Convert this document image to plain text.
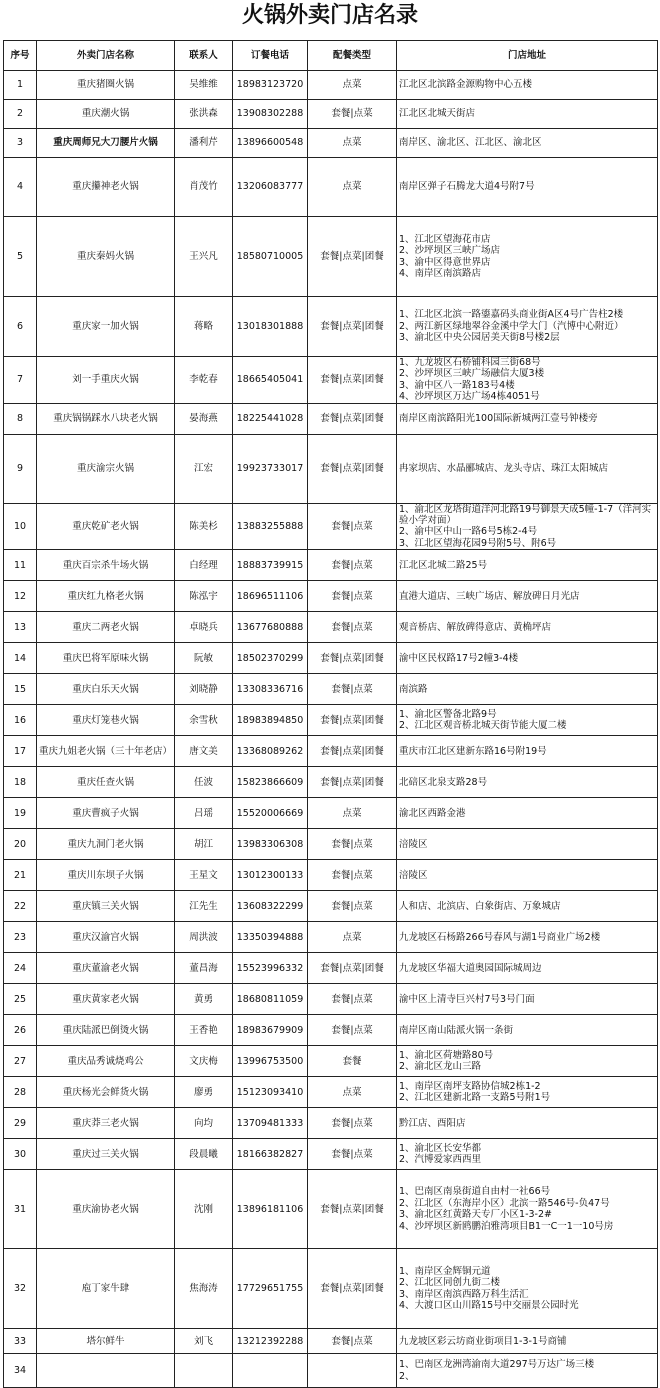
火锅外卖门店名录
序号	外卖门店名称	联系人	订餐电话	配餐类型	门店地址
1	重庆猪圈火锅	吴维维	18983123720	点菜	江北区北滨路金源购物中心五楼

2	重庆潮火锅	张洪森	13908302288	套餐|点菜	江北区北城天街店

3	重庆周师兄大刀腰片火锅	潘利芹	13896600548	点菜	南岸区、渝北区、江北区、渝北区

4	重庆攥神老火锅	肖茂竹	13206083777	点菜	南岸区弹子石腾龙大道4号附7号

5	重庆秦妈火锅	王兴凡	18580710005	套餐|点菜|团餐	1、江北区望海花市店
2、沙坪坝区三峡广场店
3、渝中区得意世界店
4、南岸区南滨路店

6	重庆家一加火锅	蒋略	13018301888	套餐|点菜|团餐	1、江北区北滨一路鎏嘉码头商业街A区4号广告柱2楼
2、两江新区绿地翠谷金溪中学大门（汽博中心附近）
3、渝北区中央公园居美天街8号楼2层

7	刘一手重庆火锅	李乾春	18665405041	套餐|点菜|团餐	1、九龙坡区石桥铺科园三街68号
2、沙坪坝区三峡广场融信大厦3楼
3、渝中区八一路183号4楼
4、沙坪坝区万达广场4栋4051号

8	重庆锅锅踩水八块老火锅	晏海燕	18225441028	套餐|点菜|团餐	南岸区南滨路阳光100国际新城两江壹号钟楼旁

9	重庆渝宗火锅	江宏	19923733017	套餐|点菜|团餐	冉家坝店、水晶郦城店、龙头寺店、珠江太阳城店

10	重庆乾矿老火锅	陈美杉	13883255888	套餐|点菜	1、渝北区龙塔街道洋河北路19号御景天成5幢-1-7（洋河实验小学对面）
2、渝中区中山一路6号5栋2-4号
3、江北区望海花园9号附5号、附6号

11	重庆百宗杀牛场火锅	白经理	18883739915	套餐|点菜	江北区北城二路25号

12	重庆红九格老火锅	陈泓宇	18696511106	套餐|点菜	直港大道店、三峡广场店、解放碑日月光店

13	重庆二两老火锅	卓晓兵	13677680888	套餐|点菜	观音桥店、解放碑得意店、黄桷坪店

14	重庆巴将军原味火锅	阮敏	18502370299	套餐|点菜|团餐	渝中区民权路17号2幢3-4楼

15	重庆白乐天火锅	刘晓静	13308336716	套餐|点菜	南滨路

16	重庆灯笼巷火锅	余雪秋	18983894850	套餐|点菜|团餐	1、渝北区警备北路9号
2、江北区观音桥北城天街节能大厦二楼

17	重庆九姐老火锅（三十年老店）	唐文美	13368089262	套餐|点菜|团餐	重庆市江北区建新东路16号附19号

18	重庆任查火锅	任波	15823866609	套餐|点菜|团餐	北碚区北泉支路28号

19	重庆曹疯子火锅	吕瑶	15520006669	点菜	渝北区西路金港

20	重庆九洞门老火锅	胡江	13983306308	套餐|点菜	涪陵区

21	重庆川东坝子火锅	王星文	13012300133	套餐|点菜	涪陵区

22	重庆镇三关火锅	江先生	13608322299	套餐|点菜	人和店、北滨店、白象街店、万象城店

23	重庆汉渝宫火锅	周洪波	13350394888	点菜	九龙坡区石杨路266号春风与湖1号商业广场2楼

24	重庆董渝老火锅	董昌海	15523996332	套餐|点菜|团餐	九龙坡区华福大道奥园国际城周边

25	重庆黄家老火锅	黄勇	18680811059	套餐|点菜	渝中区上清寺巨兴村7号3号门面

26	重庆陆派巴倒烫火锅	王香艳	18983679909	套餐|点菜	南岸区南山陆派火锅一条街

27	重庆品秀诚烧鸡公	文庆梅	13996753500	套餐	1、渝北区荷塘路80号
2、渝北区龙山三路

28	重庆杨光会鲜货火锅	廖勇	15123093410	点菜	1、南岸区南坪支路协信城2栋1-2
2、江北区建新北路一支路5号附1号

29	重庆莽三老火锅	向均	13709481333	套餐|点菜	黔江店、酉阳店

30	重庆过三关火锅	段晨曦	18166382827	套餐|点菜	1、渝北区长安华都
2、汽博爱家西西里

31	重庆渝协老火锅	沈刚	13896181106	套餐|点菜|团餐	1、巴南区南泉街道自由村一社66号
2、江北区（东海岸小区）北滨一路546号-负47号
3、渝北区红黄路天专厂小区1-3-2#
4、沙坪坝区新鸥鹏泊雅湾项目B1一C一1一10号房

32	庖丁家牛肆	焦海涛	17729651755	套餐|点菜|团餐	1、南岸区金辉铜元道
2、江北区同创九街二楼
3、南岸区南滨西路万科生活汇
4、大渡口区山川路15号中交丽景公园时光

33	塔尔鲜牛	刘飞	13212392288	套餐|点菜	九龙坡区彩云坊商业街项目1-3-1号商铺

34					1、巴南区龙洲湾渝南大道297号万达广场三楼
2、
